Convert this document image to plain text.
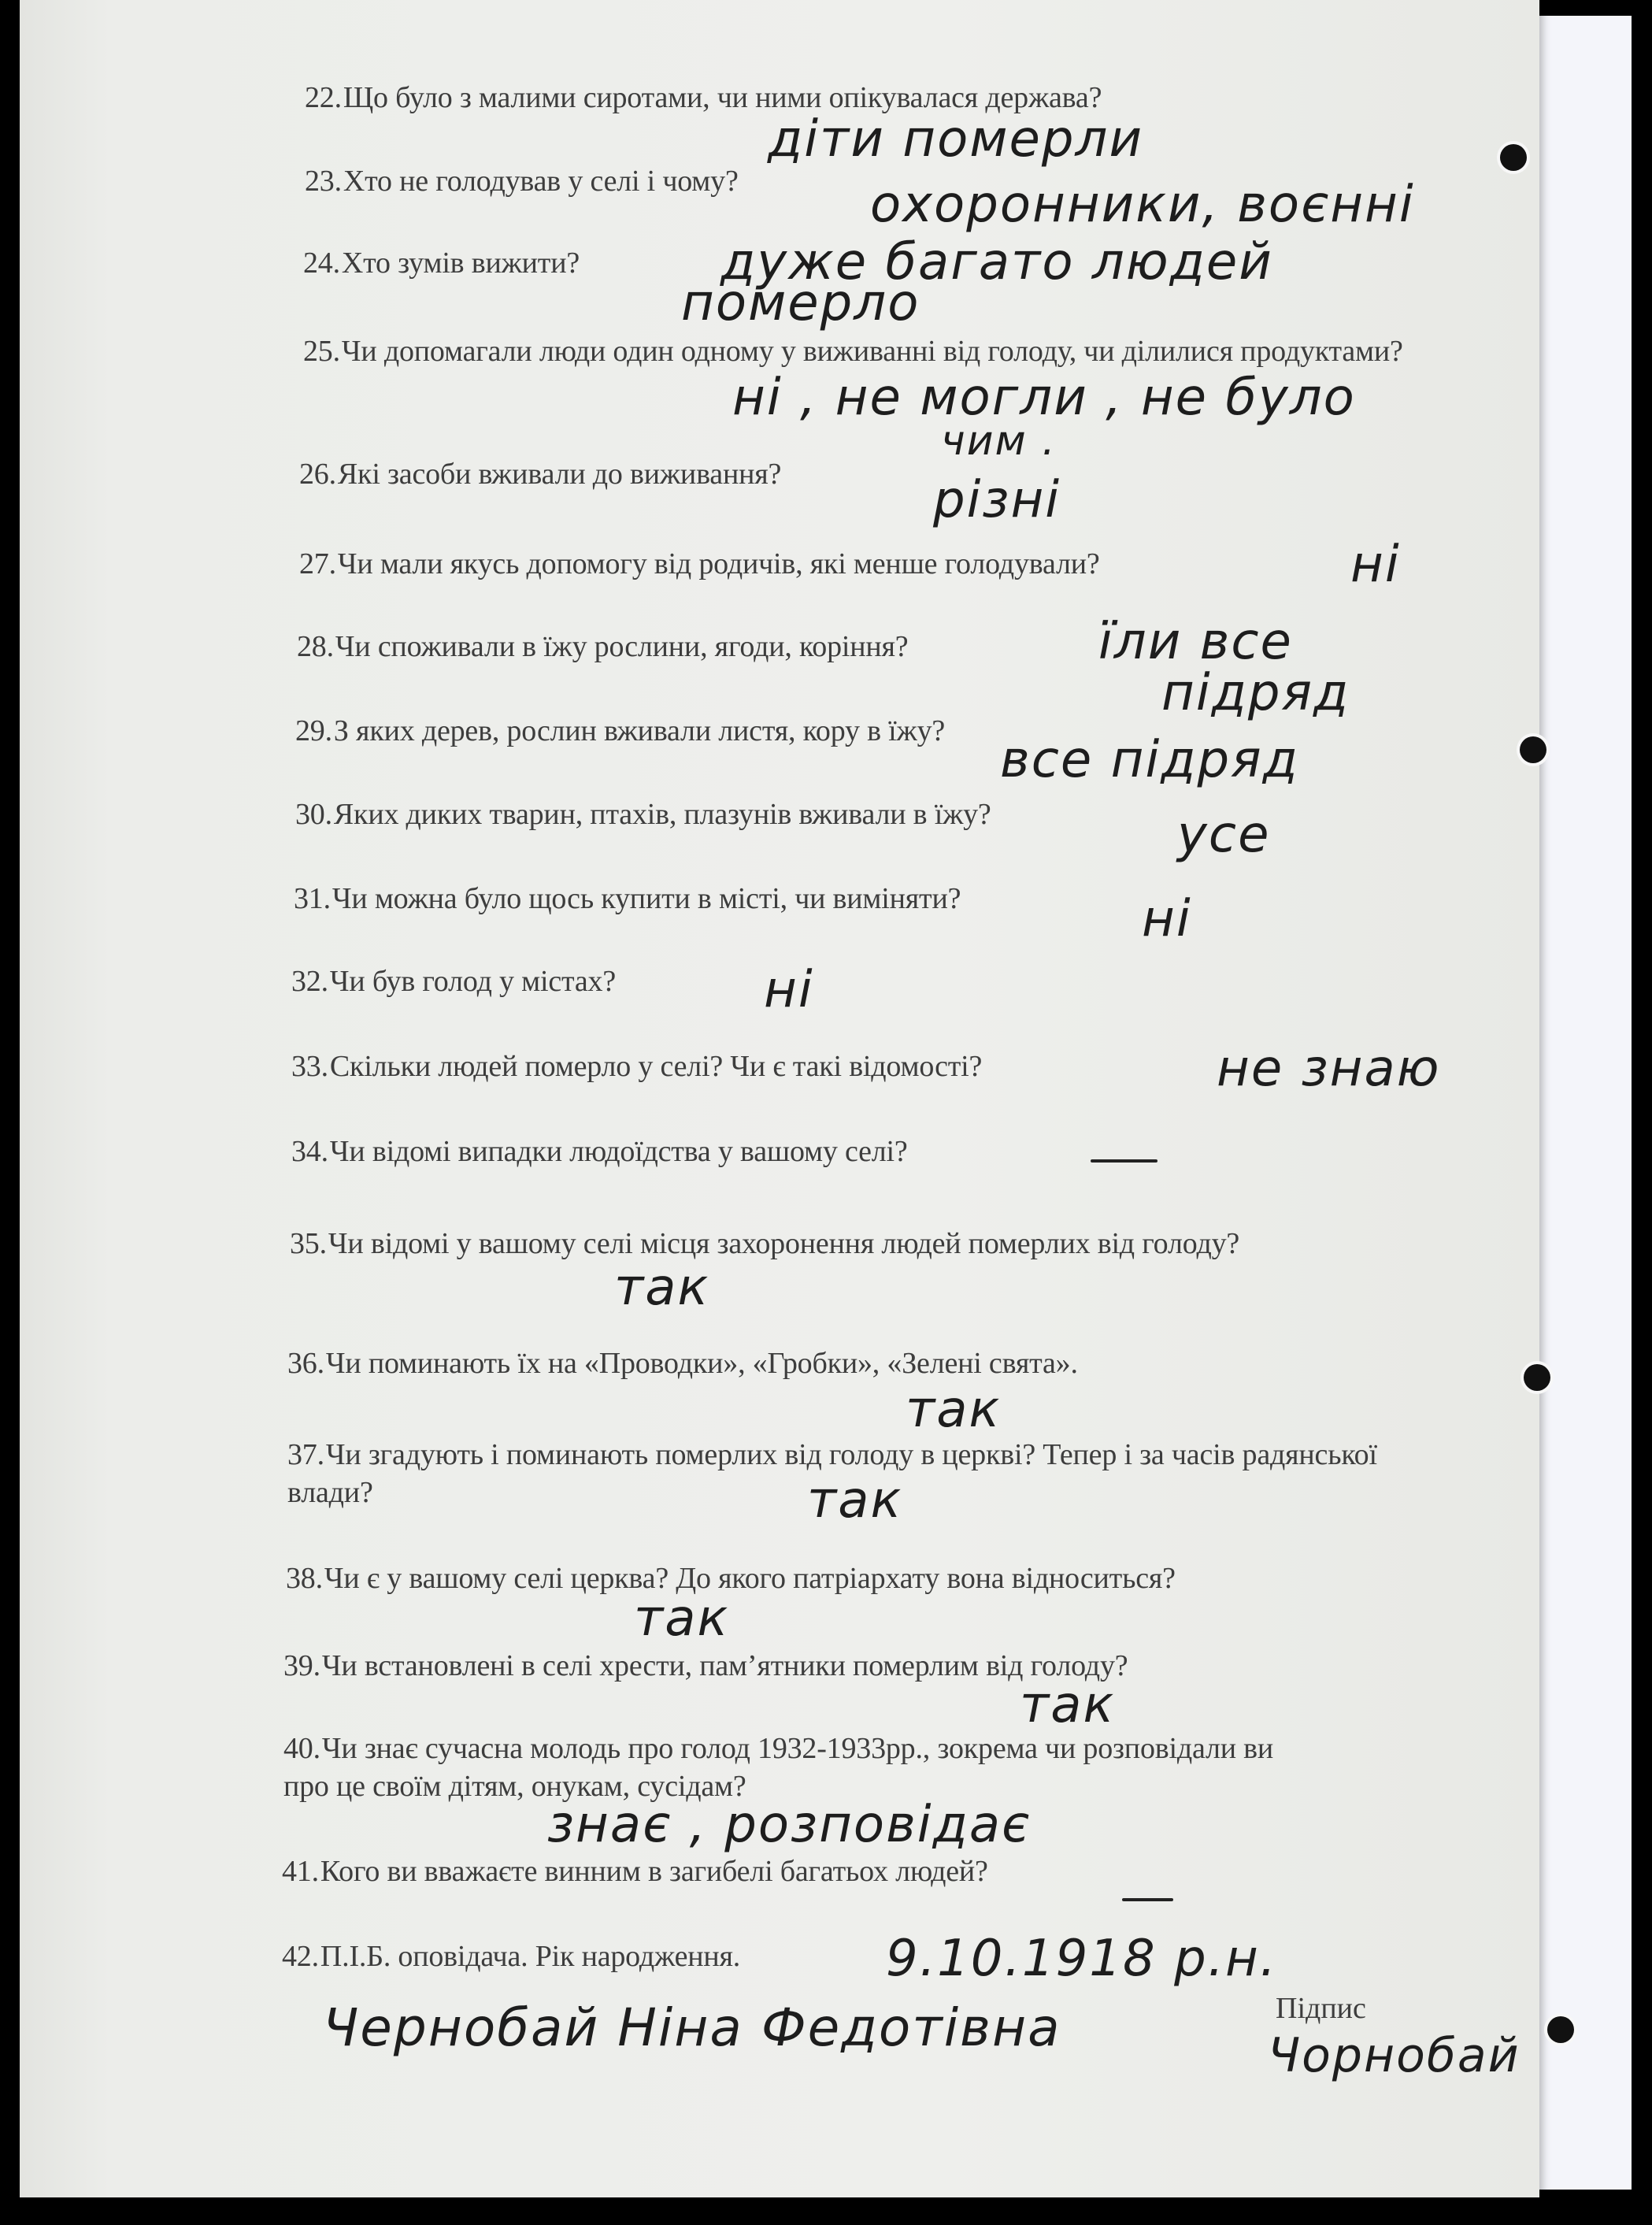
22.Що було з малими сиротами, чи ними опікувалася держава?
23.Хто не голодував у селі і чому?
24.Хто зумів вижити?
25.Чи допомагали люди один одному у виживанні від голоду, чи ділилися продуктами?
26.Які засоби вживали до виживання?
27.Чи мали якусь допомогу від родичів, які менше голодували?
28.Чи споживали в їжу рослини, ягоди, коріння?
29.З яких дерев, рослин вживали листя, кору в їжу?
30.Яких диких тварин, птахів, плазунів вживали в їжу?
31.Чи можна було щось купити в місті, чи виміняти?
32.Чи був голод у містах?
33.Скільки людей померло у селі? Чи є такі відомості?
34.Чи відомі випадки людоїдства у вашому селі?
35.Чи відомі у вашому селі місця захоронення людей померлих від голоду?
36.Чи поминають їх на «Проводки», «Гробки», «Зелені свята».
37.Чи згадують і поминають померлих від голоду в церкві? Тепер і за часів радянської влади?
38.Чи є у вашому селі церква? До якого патріархату вона відноситься?
39.Чи встановлені в селі хрести, пам’ятники померлим від голоду?
40.Чи знає сучасна молодь про голод 1932-1933рр., зокрема чи розповідали ви про це своїм дітям, онукам, сусідам?
41.Кого ви вважаєте винним в загибелі багатьох людей?
42.П.І.Б. оповідача. Рік народження.
діти померли
охоронники, воєнні
дуже багато людей
померло
ні , не могли , не було
чим .
різні
ні
їли все
підряд
все підряд
усе
ні
ні
не знаю
так
так
так
так
так
знає , розповідає
9.10.1918 р.н.
Чернобай Ніна Федотівна	Підпис
Чорнобай
